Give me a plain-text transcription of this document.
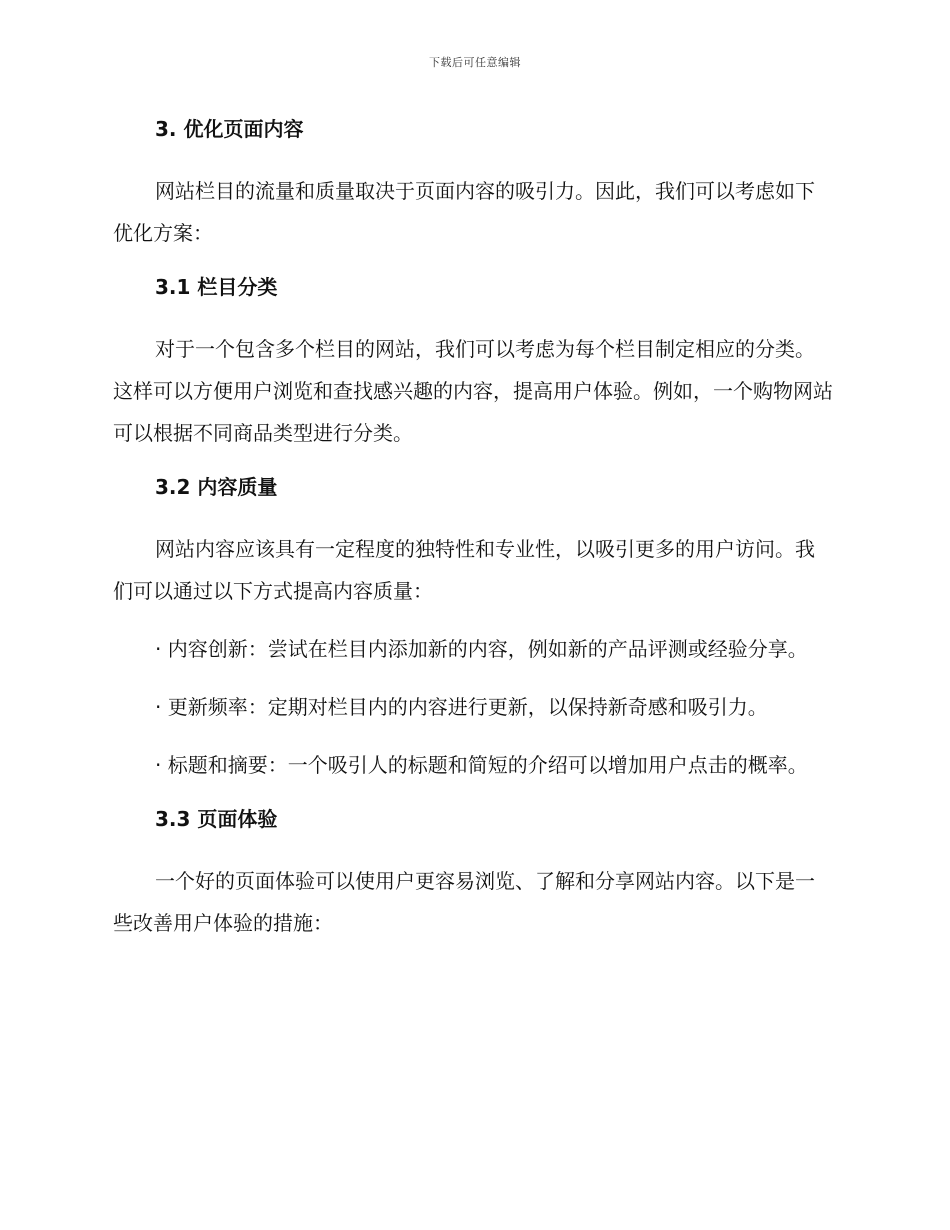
下载后可任意编辑
3. 优化页面内容

网站栏目的流量和质量取决于页面内容的吸引力。因此，我们可以考虑如下优化方案：

3.1 栏目分类

对于一个包含多个栏目的网站，我们可以考虑为每个栏目制定相应的分类。这样可以方便用户浏览和查找感兴趣的内容，提高用户体验。例如，一个购物网站可以根据不同商品类型进行分类。

3.2 内容质量

网站内容应该具有一定程度的独特性和专业性，以吸引更多的用户访问。我们可以通过以下方式提高内容质量：

· 内容创新：尝试在栏目内添加新的内容，例如新的产品评测或经验分享。

· 更新频率：定期对栏目内的内容进行更新，以保持新奇感和吸引力。

· 标题和摘要：一个吸引人的标题和简短的介绍可以增加用户点击的概率。

3.3 页面体验

一个好的页面体验可以使用户更容易浏览、了解和分享网站内容。以下是一些改善用户体验的措施：
